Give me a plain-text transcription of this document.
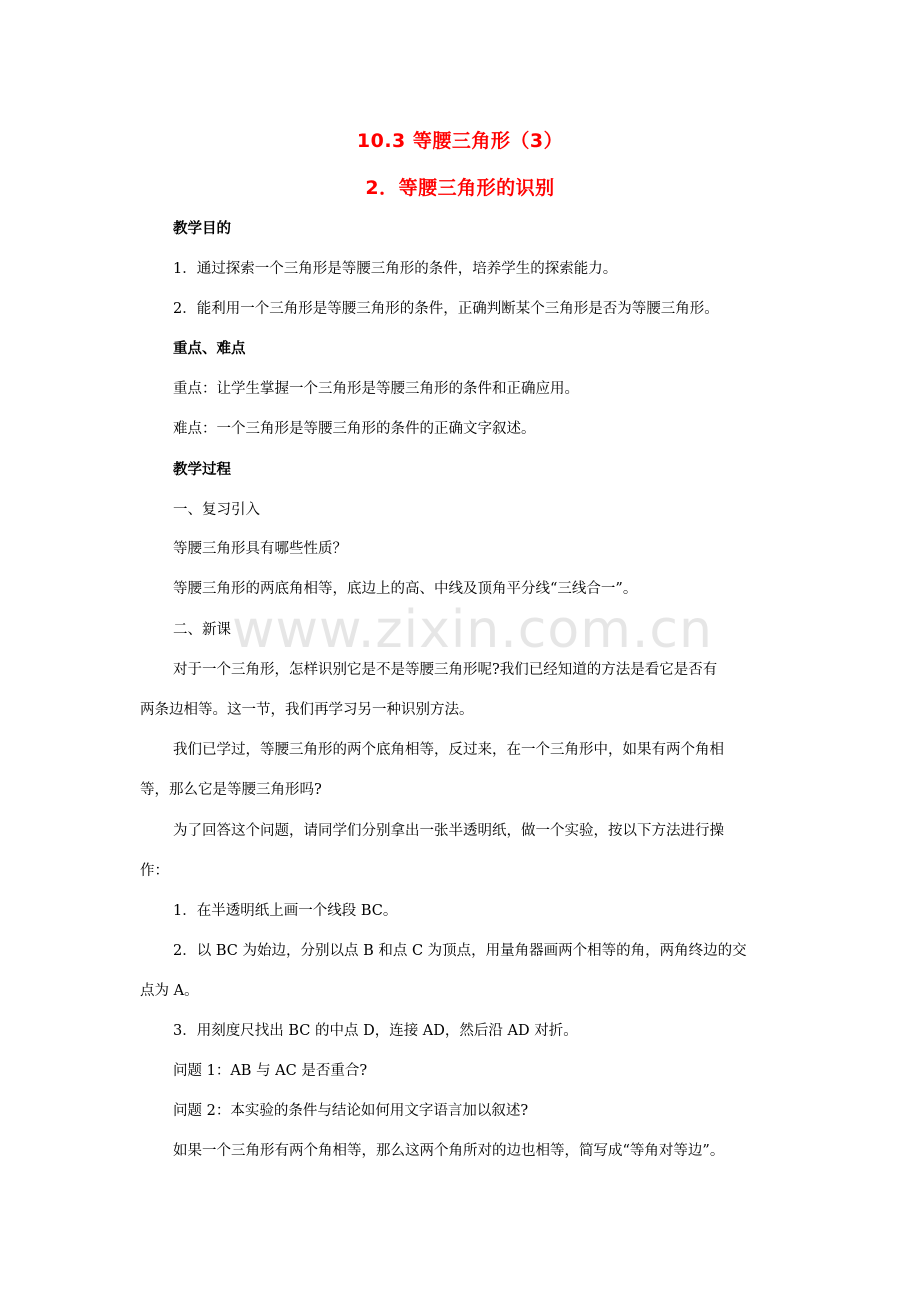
10.3 等腰三角形（3）
2．等腰三角形的识别
教学目的
1．通过探索一个三角形是等腰三角形的条件，培养学生的探索能力。
2．能利用一个三角形是等腰三角形的条件，正确判断某个三角形是否为等腰三角形。
重点、难点
重点：让学生掌握一个三角形是等腰三角形的条件和正确应用。
难点：一个三角形是等腰三角形的条件的正确文字叙述。
教学过程
一、复习引入
等腰三角形具有哪些性质？
等腰三角形的两底角相等，底边上的高、中线及顶角平分线“三线合一”。
二、新课
对于一个三角形，怎样识别它是不是等腰三角形呢?我们已经知道的方法是看它是否有
两条边相等。这一节，我们再学习另一种识别方法。
我们已学过，等腰三角形的两个底角相等，反过来，在一个三角形中，如果有两个角相
等，那么它是等腰三角形吗?
为了回答这个问题，请同学们分别拿出一张半透明纸，做一个实验，按以下方法进行操
作：
1．在半透明纸上画一个线段 BC。
2．以 BC 为始边，分别以点 B 和点 C 为顶点，用量角器画两个相等的角，两角终边的交
点为 A。
3．用刻度尺找出 BC 的中点 D，连接 AD，然后沿 AD 对折。
问题 1：AB 与 AC 是否重合?
问题 2：本实验的条件与结论如何用文字语言加以叙述?
如果一个三角形有两个角相等，那么这两个角所对的边也相等，简写成“等角对等边”。
www.zixin.com.cn
